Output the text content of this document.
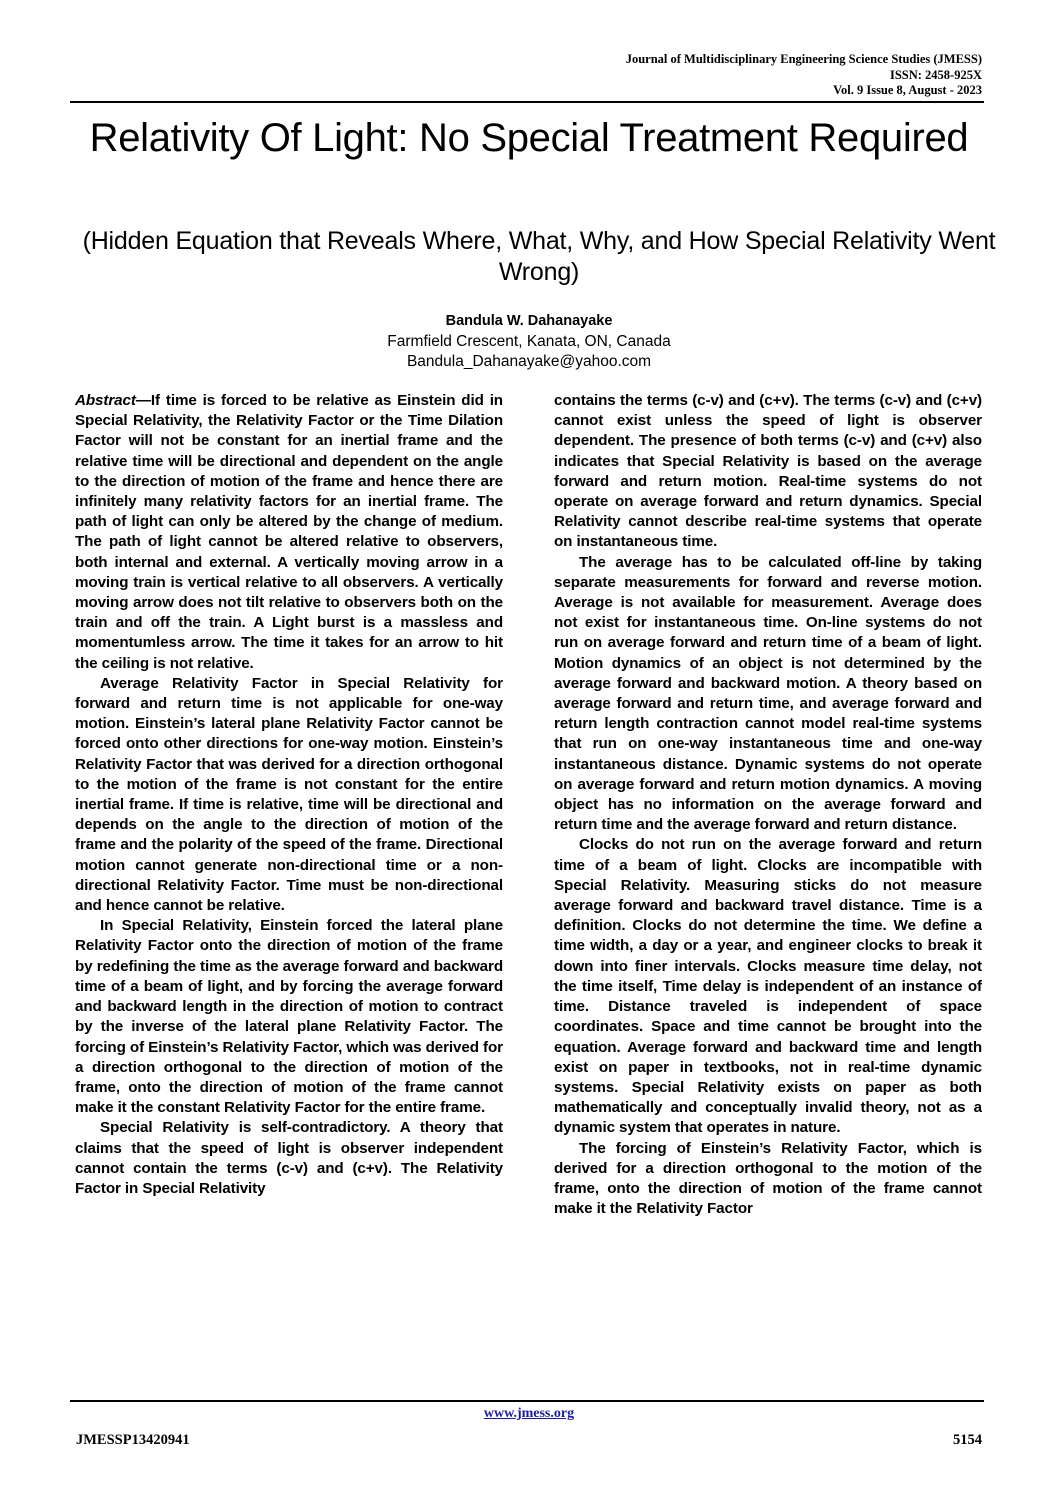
Journal of Multidisciplinary Engineering Science Studies (JMESS)
ISSN: 2458-925X
Vol. 9 Issue 8, August - 2023
Relativity Of Light: No Special Treatment Required
(Hidden Equation that Reveals Where, What, Why, and How Special Relativity Went Wrong)
Bandula W. Dahanayake
Farmfield Crescent, Kanata, ON, Canada
Bandula_Dahanayake@yahoo.com

Abstract—If time is forced to be relative as Einstein did in Special Relativity, the Relativity Factor or the Time Dilation Factor will not be constant for an inertial frame and the relative time will be directional and dependent on the angle to the direction of motion of the frame and hence there are infinitely many relativity factors for an inertial frame. The path of light can only be altered by the change of medium. The path of light cannot be altered relative to observers, both internal and external. A vertically moving arrow in a moving train is vertical relative to all observers. A vertically moving arrow does not tilt relative to observers both on the train and off the train. A Light burst is a massless and momentumless arrow. The time it takes for an arrow to hit the ceiling is not relative.

Average Relativity Factor in Special Relativity for forward and return time is not applicable for one-way motion. Einstein’s lateral plane Relativity Factor cannot be forced onto other directions for one-way motion. Einstein’s Relativity Factor that was derived for a direction orthogonal to the motion of the frame is not constant for the entire inertial frame. If time is relative, time will be directional and depends on the angle to the direction of motion of the frame and the polarity of the speed of the frame. Directional motion cannot generate non-directional time or a non-directional Relativity Factor. Time must be non-directional and hence cannot be relative.

In Special Relativity, Einstein forced the lateral plane Relativity Factor onto the direction of motion of the frame by redefining the time as the average forward and backward time of a beam of light, and by forcing the average forward and backward length in the direction of motion to contract by the inverse of the lateral plane Relativity Factor. The forcing of Einstein’s Relativity Factor, which was derived for a direction orthogonal to the direction of motion of the frame, onto the direction of motion of the frame cannot make it the constant Relativity Factor for the entire frame.

Special Relativity is self-contradictory. A theory that claims that the speed of light is observer independent cannot contain the terms (c-v) and (c+v). The Relativity Factor in Special Relativity

contains the terms (c-v) and (c+v). The terms (c-v) and (c+v) cannot exist unless the speed of light is observer dependent. The presence of both terms (c-v) and (c+v) also indicates that Special Relativity is based on the average forward and return motion. Real-time systems do not operate on average forward and return dynamics. Special Relativity cannot describe real-time systems that operate on instantaneous time.

The average has to be calculated off-line by taking separate measurements for forward and reverse motion. Average is not available for measurement. Average does not exist for instantaneous time. On-line systems do not run on average forward and return time of a beam of light. Motion dynamics of an object is not determined by the average forward and backward motion. A theory based on average forward and return time, and average forward and return length contraction cannot model real-time systems that run on one-way instantaneous time and one-way instantaneous distance. Dynamic systems do not operate on average forward and return motion dynamics. A moving object has no information on the average forward and return time and the average forward and return distance.

Clocks do not run on the average forward and return time of a beam of light. Clocks are incompatible with Special Relativity. Measuring sticks do not measure average forward and backward travel distance. Time is a definition. Clocks do not determine the time. We define a time width, a day or a year, and engineer clocks to break it down into finer intervals. Clocks measure time delay, not the time itself, Time delay is independent of an instance of time. Distance traveled is independent of space coordinates. Space and time cannot be brought into the equation. Average forward and backward time and length exist on paper in textbooks, not in real-time dynamic systems. Special Relativity exists on paper as both mathematically and conceptually invalid theory, not as a dynamic system that operates in nature.

The forcing of Einstein’s Relativity Factor, which is derived for a direction orthogonal to the motion of the frame, onto the direction of motion of the frame cannot make it the Relativity Factor

www.jmess.org
JMESSP13420941	5154
